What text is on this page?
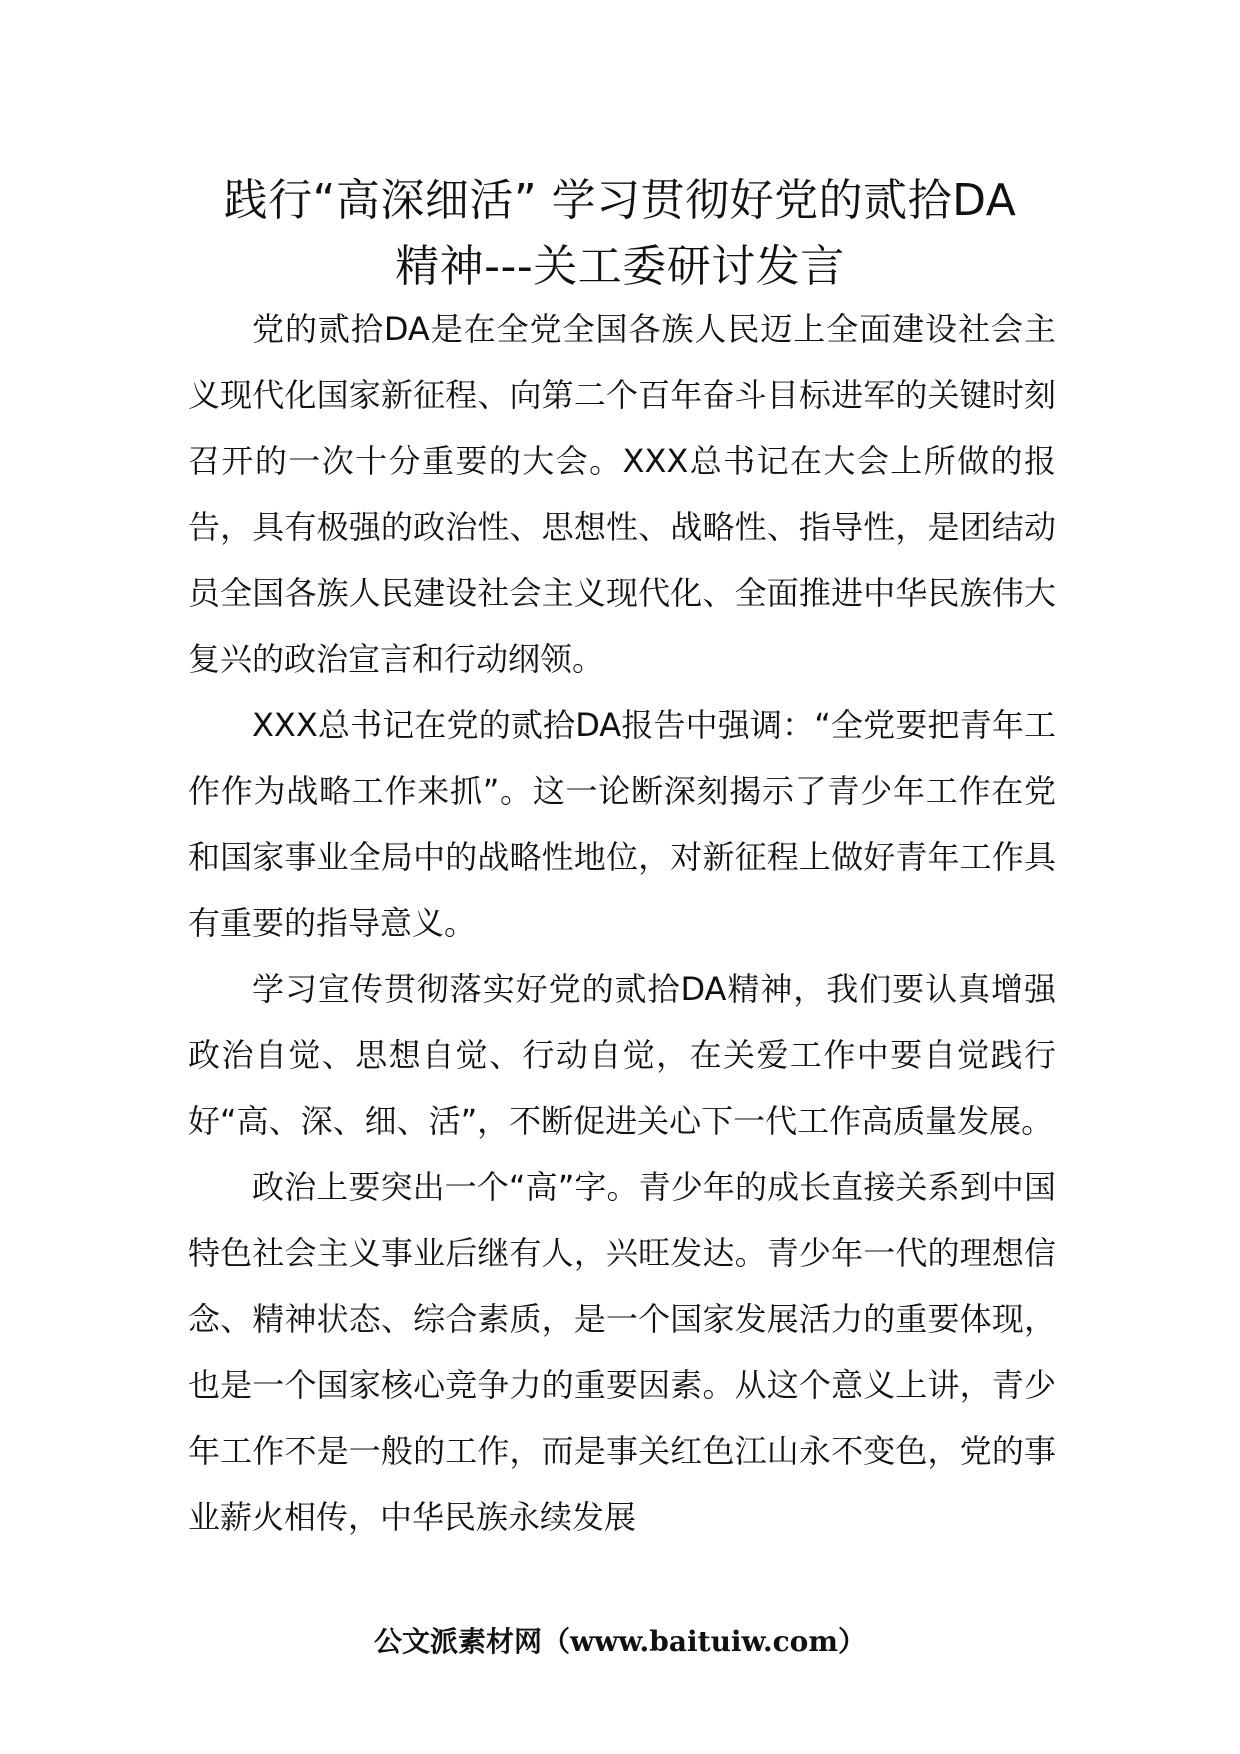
践行“高深细活” 学习贯彻好党的贰拾DA
精神---关工委研讨发言

党的贰拾DA是在全党全国各族人民迈上全面建设社会主义现代化国家新征程、向第二个百年奋斗目标进军的关键时刻召开的一次十分重要的大会。XXX总书记在大会上所做的报告，具有极强的政治性、思想性、战略性、指导性，是团结动员全国各族人民建设社会主义现代化、全面推进中华民族伟大复兴的政治宣言和行动纲领。

XXX总书记在党的贰拾DA报告中强调：“全党要把青年工作作为战略工作来抓”。这一论断深刻揭示了青少年工作在党和国家事业全局中的战略性地位，对新征程上做好青年工作具有重要的指导意义。

学习宣传贯彻落实好党的贰拾DA精神，我们要认真增强政治自觉、思想自觉、行动自觉，在关爱工作中要自觉践行好“高、深、细、活”，不断促进关心下一代工作高质量发展。

政治上要突出一个“高”字。青少年的成长直接关系到中国特色社会主义事业后继有人，兴旺发达。青少年一代的理想信念、精神状态、综合素质，是一个国家发展活力的重要体现，也是一个国家核心竞争力的重要因素。从这个意义上讲，青少年工作不是一般的工作，而是事关红色江山永不变色，党的事业薪火相传，中华民族永续发展

公文派素材网（www.baituiw.com）
